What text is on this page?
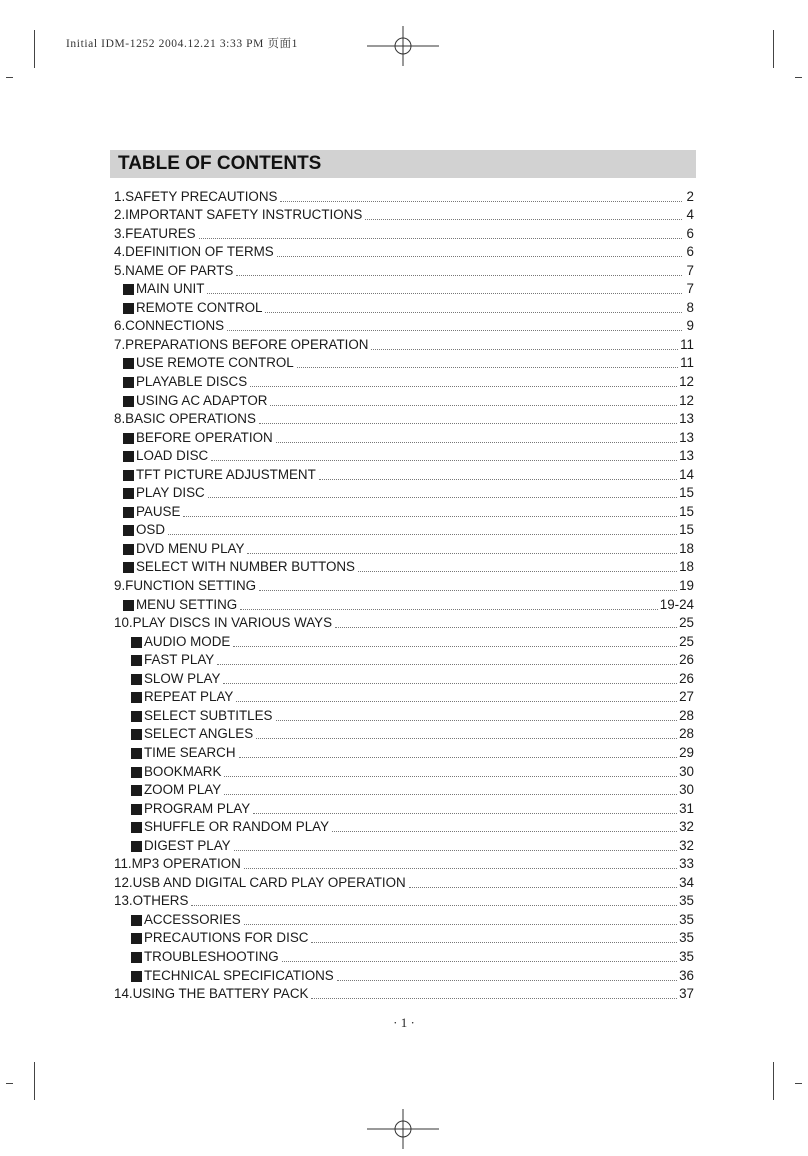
Initial IDM-1252 2004.12.21 3:33 PM 页面1
TABLE OF CONTENTS
1.SAFETY PRECAUTIONS	2
2.IMPORTANT SAFETY INSTRUCTIONS	4
3.FEATURES	6
4.DEFINITION OF TERMS	6
5.NAME OF PARTS	7
MAIN UNIT	7
REMOTE CONTROL	8
6.CONNECTIONS	9
7.PREPARATIONS BEFORE OPERATION	11
USE REMOTE CONTROL	11
PLAYABLE DISCS	12
USING AC ADAPTOR	12
8.BASIC OPERATIONS	13
BEFORE OPERATION	13
LOAD DISC	13
TFT PICTURE ADJUSTMENT	14
PLAY DISC	15
PAUSE	15
OSD	15
DVD MENU PLAY	18
SELECT WITH NUMBER BUTTONS	18
9.FUNCTION SETTING	19
MENU SETTING	19-24
10.PLAY DISCS IN VARIOUS WAYS	25
AUDIO MODE	25
FAST PLAY	26
SLOW PLAY	26
REPEAT PLAY	27
SELECT SUBTITLES	28
SELECT ANGLES	28
TIME SEARCH	29
BOOKMARK	30
ZOOM PLAY	30
PROGRAM PLAY	31
SHUFFLE OR RANDOM PLAY	32
DIGEST PLAY	32
11.MP3 OPERATION	33
12.USB AND DIGITAL CARD PLAY OPERATION	34
13.OTHERS	35
ACCESSORIES	35
PRECAUTIONS FOR DISC	35
TROUBLESHOOTING	35
TECHNICAL SPECIFICATIONS	36
14.USING THE BATTERY PACK	37
· 1 ·
